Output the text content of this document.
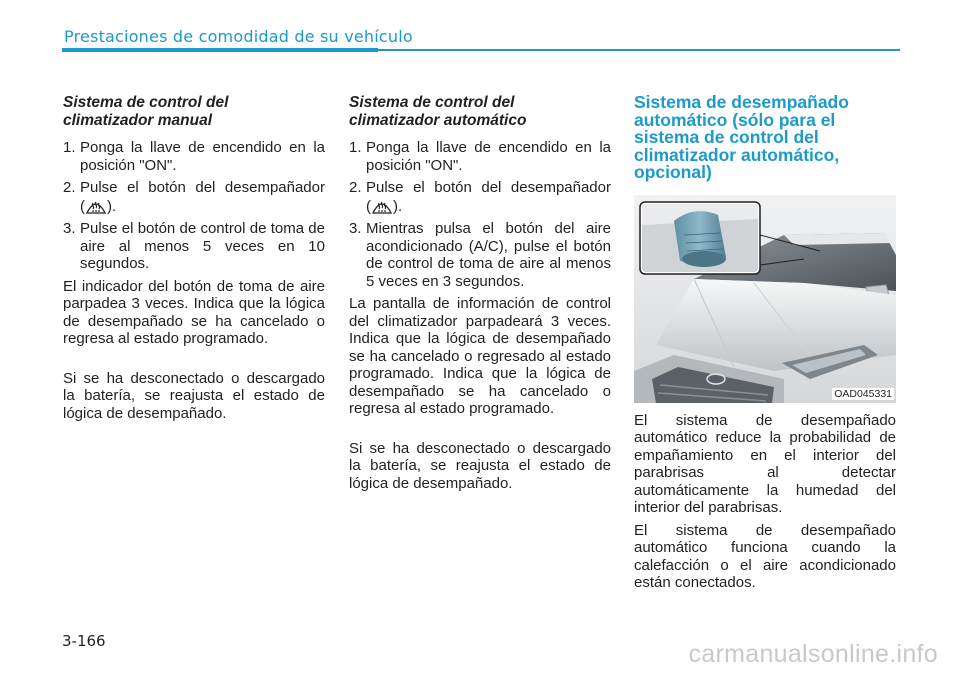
Prestaciones de comodidad de su vehículo
Sistema de control del
climatizador manual
1. Ponga la llave de encendido en la posición "ON".
2. Pulse el botón del desempañador ( ).
3. Pulse el botón de control de toma de aire al menos 5 veces en 10 segundos.

El indicador del botón de toma de aire parpadea 3 veces. Indica que la lógica de desempañado se ha cancelado o regresa al estado programado.

Si se ha desconectado o descargado la batería, se reajusta el estado de lógica de desempañado.

Sistema de control del
climatizador automático
1. Ponga la llave de encendido en la posición "ON".
2. Pulse el botón del desempañador ( ).
3. Mientras pulsa el botón del aire acondicionado (A/C), pulse el botón de control de toma de aire al menos 5 veces en 3 segundos.

La pantalla de información de control del climatizador parpadeará 3 veces. Indica que la lógica de desempañado se ha cancelado o regresado al estado programado. Indica que la lógica de desempañado se ha cancelado o regresa al estado programado.

Si se ha desconectado o descargado la batería, se reajusta el estado de lógica de desempañado.

Sistema de desempañado
automático (sólo para el
sistema de control del
climatizador automático,
opcional)
OAD045331

El sistema de desempañado automático reduce la probabilidad de empañamiento en el interior del parabrisas al detectar automáticamente la humedad del interior del parabrisas.

El sistema de desempañado automático funciona cuando la calefacción o el aire acondicionado están conectados.

3-166	carmanualsonline.info
